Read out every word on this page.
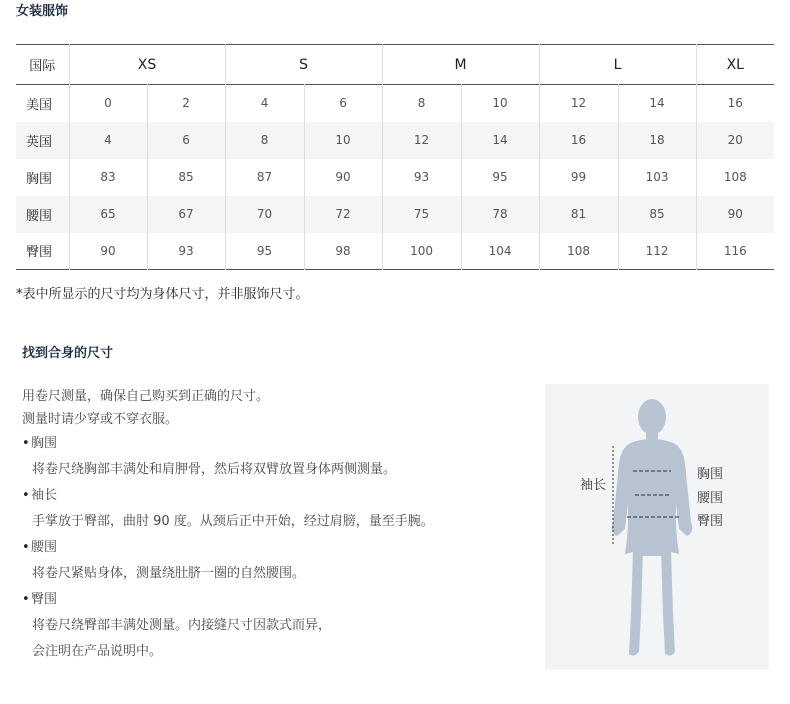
女装服饰
国际	XS		S		M		L		XL
美国	0	2	4	6	8	10	12	14	16
英国	4	6	8	10	12	14	16	18	20
胸围	83	85	87	90	93	95	99	103	108
腰围	65	67	70	72	75	78	81	85	90
臀围	90	93	95	98	100	104	108	112	116
*表中所显示的尺寸均为身体尺寸，并非服饰尺寸。
找到合身的尺寸
用卷尺测量，确保自己购买到正确的尺寸。
测量时请少穿或不穿衣服。
•胸围
将卷尺绕胸部丰满处和肩胛骨，然后将双臂放置身体两侧测量。
•袖长
手掌放于臀部，曲肘 90 度。从颈后正中开始，经过肩膀，量至手腕。
•腰围
将卷尺紧贴身体，测量绕肚脐一圈的自然腰围。
•臀围
将卷尺绕臀部丰满处测量。内接缝尺寸因款式而异，
会注明在产品说明中。
袖长
胸围
腰围
臀围
